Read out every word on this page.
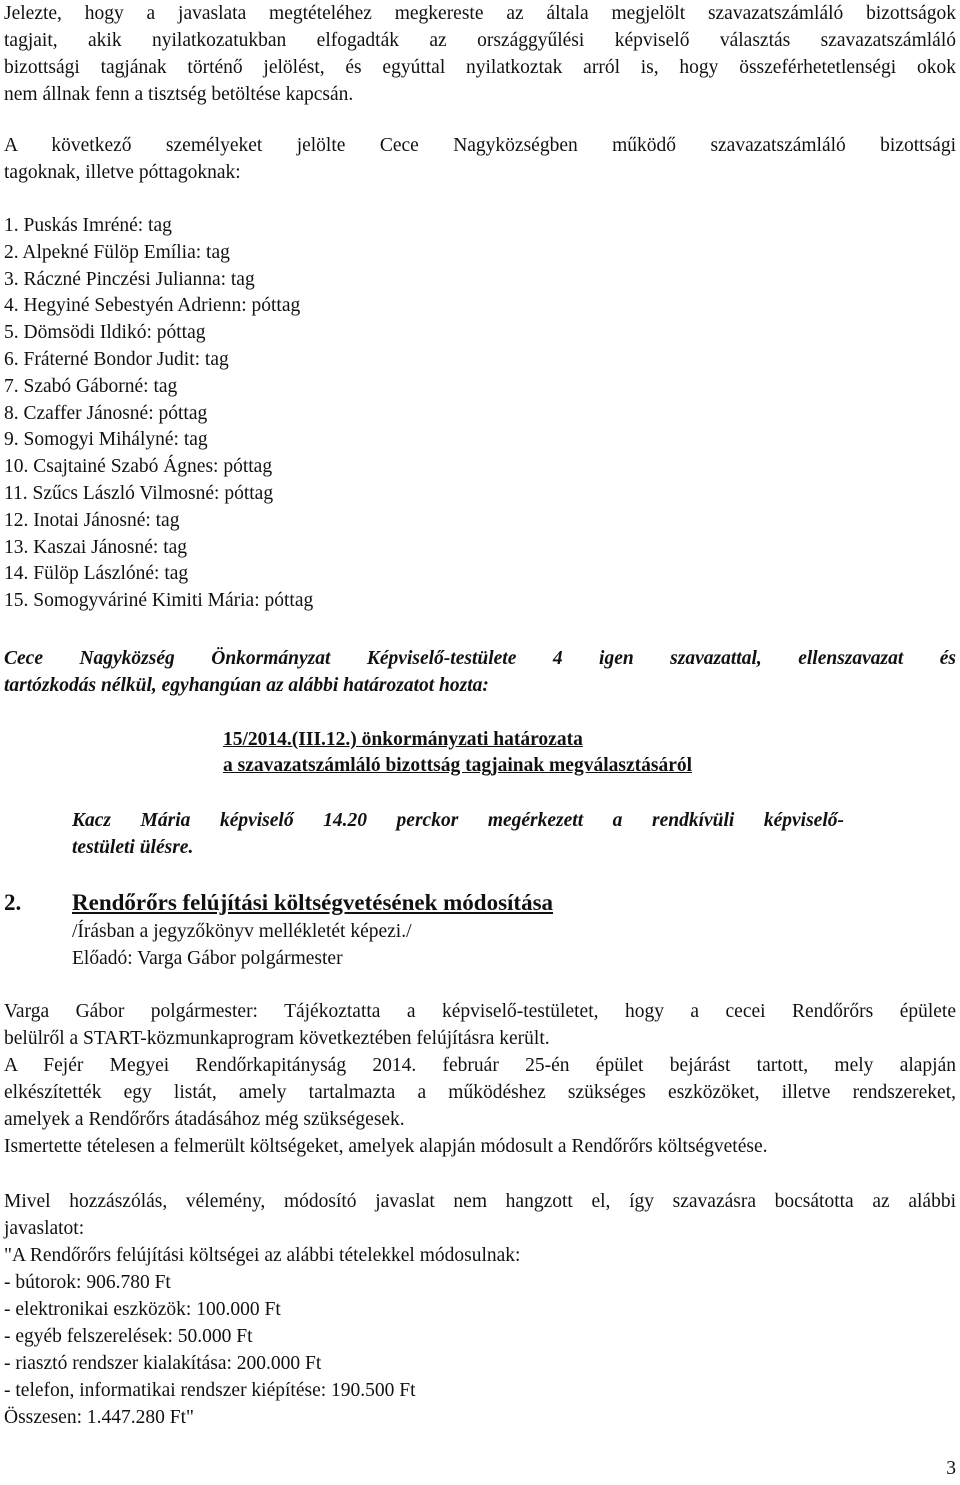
Jelezte, hogy a javaslata megtételéhez megkereste az általa megjelölt szavazatszámláló bizottságok
tagjait, akik nyilatkozatukban elfogadták az országgyűlési képviselő választás szavazatszámláló
bizottsági tagjának történő jelölést, és egyúttal nyilatkoztak arról is, hogy összeférhetetlenségi okok
nem állnak fenn a tisztség betöltése kapcsán.

A következő személyeket jelölte Cece Nagyközségben működő szavazatszámláló bizottsági
tagoknak, illetve póttagoknak:

1. Puskás Imréné: tag
2. Alpekné Fülöp Emília: tag
3. Ráczné Pinczési Julianna: tag
4. Hegyiné Sebestyén Adrienn: póttag
5. Dömsödi Ildikó: póttag
6. Fráterné Bondor Judit: tag
7. Szabó Gáborné: tag
8. Czaffer Jánosné: póttag
9. Somogyi Mihályné: tag
10. Csajtainé Szabó Ágnes: póttag
11. Szűcs László Vilmosné: póttag
12. Inotai Jánosné: tag
13. Kaszai Jánosné: tag
14. Fülöp Lászlóné: tag
15. Somogyváriné Kimiti Mária: póttag

Cece Nagyközség Önkormányzat Képviselő-testülete 4 igen szavazattal, ellenszavazat és
tartózkodás nélkül, egyhangúan az alábbi határozatot hozta:

15/2014.(III.12.) önkormányzati határozata
a szavazatszámláló bizottság tagjainak megválasztásáról

Kacz Mária képviselő 14.20 perckor megérkezett a rendkívüli képviselő-
testületi ülésre.

2. Rendőrőrs felújítási költségvetésének módosítása
/Írásban a jegyzőkönyv mellékletét képezi./
Előadó: Varga Gábor polgármester

Varga Gábor polgármester: Tájékoztatta a képviselő-testületet, hogy a cecei Rendőrőrs épülete
belülről a START-közmunkaprogram következtében felújításra került.
A Fejér Megyei Rendőrkapitányság 2014. február 25-én épület bejárást tartott, mely alapján
elkészítették egy listát, amely tartalmazta a működéshez szükséges eszközöket, illetve rendszereket,
amelyek a Rendőrőrs átadásához még szükségesek.
Ismertette tételesen a felmerült költségeket, amelyek alapján módosult a Rendőrőrs költségvetése.

Mivel hozzászólás, vélemény, módosító javaslat nem hangzott el, így szavazásra bocsátotta az alábbi
javaslatot:
"A Rendőrőrs felújítási költségei az alábbi tételekkel módosulnak:
- bútorok: 906.780 Ft
- elektronikai eszközök: 100.000 Ft
- egyéb felszerelések: 50.000 Ft
- riasztó rendszer kialakítása: 200.000 Ft
- telefon, informatikai rendszer kiépítése: 190.500 Ft
Összesen: 1.447.280 Ft"

3
